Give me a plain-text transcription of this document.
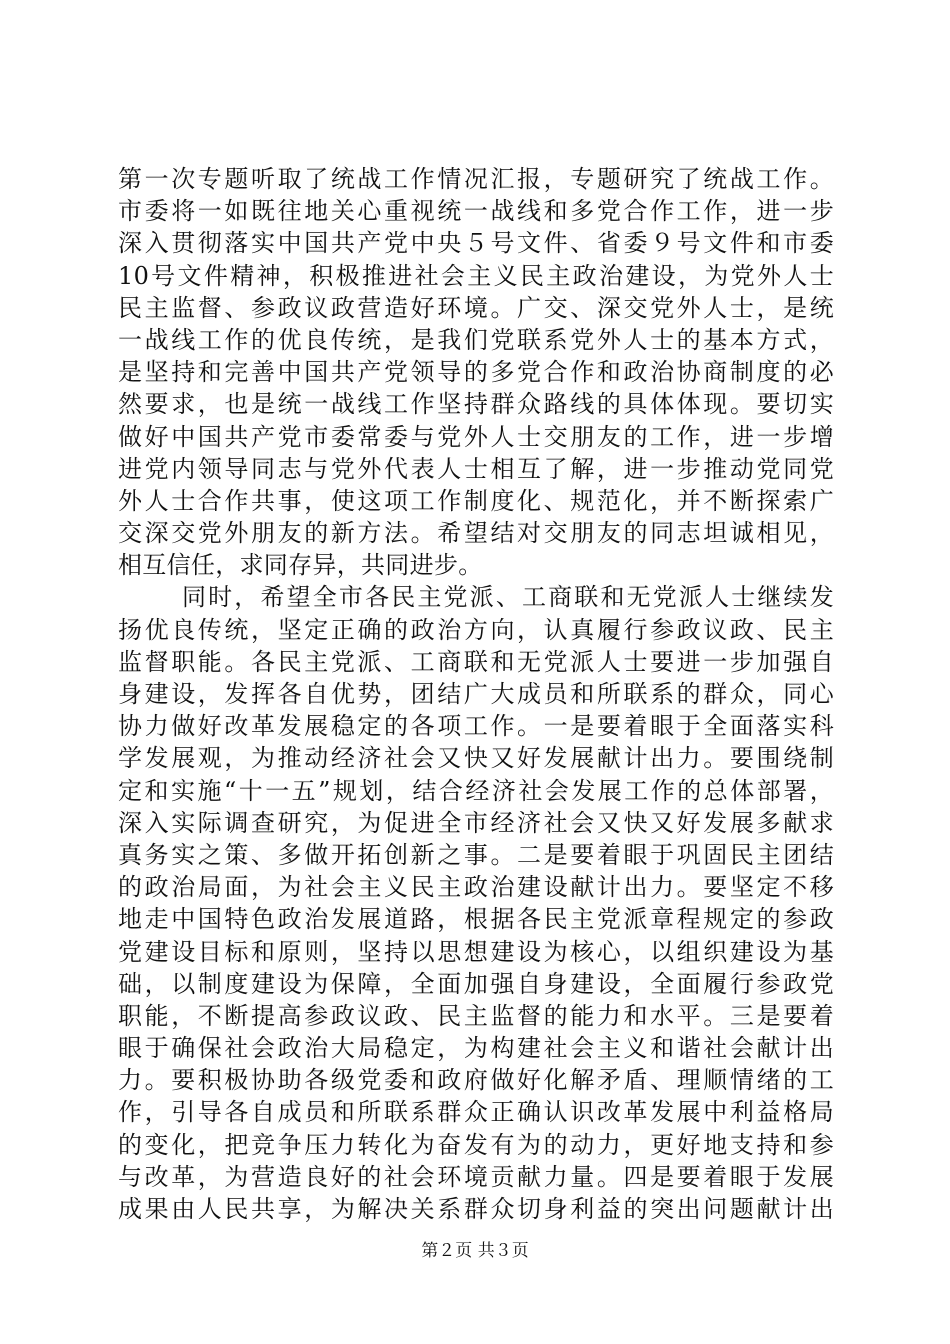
第一次专题听取了统战工作情况汇报，专题研究了统战工作。
市委将一如既往地关心重视统一战线和多党合作工作，进一步
深入贯彻落实中国共产党中央５号文件、省委９号文件和市委
10号文件精神，积极推进社会主义民主政治建设，为党外人士
民主监督、参政议政营造好环境。广交、深交党外人士，是统
一战线工作的优良传统，是我们党联系党外人士的基本方式，
是坚持和完善中国共产党领导的多党合作和政治协商制度的必
然要求，也是统一战线工作坚持群众路线的具体体现。要切实
做好中国共产党市委常委与党外人士交朋友的工作，进一步增
进党内领导同志与党外代表人士相互了解，进一步推动党同党
外人士合作共事，使这项工作制度化、规范化，并不断探索广
交深交党外朋友的新方法。希望结对交朋友的同志坦诚相见，
相互信任，求同存异，共同进步。
同时，希望全市各民主党派、工商联和无党派人士继续发
扬优良传统，坚定正确的政治方向，认真履行参政议政、民主
监督职能。各民主党派、工商联和无党派人士要进一步加强自
身建设，发挥各自优势，团结广大成员和所联系的群众，同心
协力做好改革发展稳定的各项工作。一是要着眼于全面落实科
学发展观，为推动经济社会又快又好发展献计出力。要围绕制
定和实施“十一五”规划，结合经济社会发展工作的总体部署，
深入实际调查研究，为促进全市经济社会又快又好发展多献求
真务实之策、多做开拓创新之事。二是要着眼于巩固民主团结
的政治局面，为社会主义民主政治建设献计出力。要坚定不移
地走中国特色政治发展道路，根据各民主党派章程规定的参政
党建设目标和原则，坚持以思想建设为核心，以组织建设为基
础，以制度建设为保障，全面加强自身建设，全面履行参政党
职能，不断提高参政议政、民主监督的能力和水平。三是要着
眼于确保社会政治大局稳定，为构建社会主义和谐社会献计出
力。要积极协助各级党委和政府做好化解矛盾、理顺情绪的工
作，引导各自成员和所联系群众正确认识改革发展中利益格局
的变化，把竞争压力转化为奋发有为的动力，更好地支持和参
与改革，为营造良好的社会环境贡献力量。四是要着眼于发展
成果由人民共享，为解决关系群众切身利益的突出问题献计出
第２页 共３页
